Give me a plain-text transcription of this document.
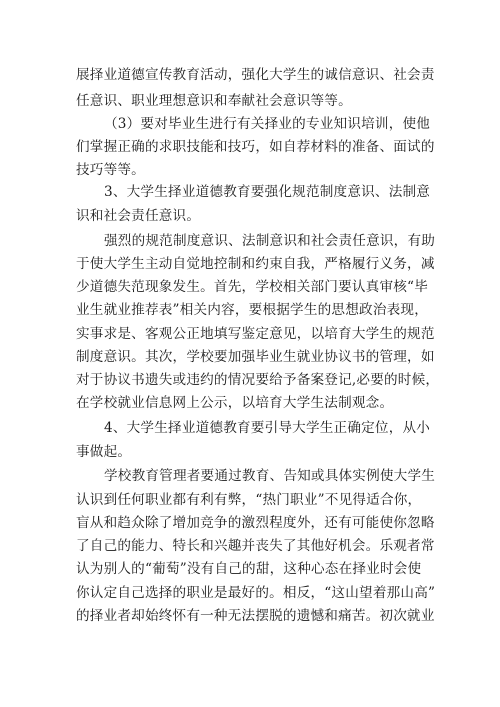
展择业道德宣传教育活动，强化大学生的诚信意识、社会责
任意识、职业理想意识和奉献社会意识等等。
（3）要对毕业生进行有关择业的专业知识培训，使他
们掌握正确的求职技能和技巧，如自荐材料的准备、面试的
技巧等等。
3、大学生择业道德教育要强化规范制度意识、法制意
识和社会责任意识。
强烈的规范制度意识、法制意识和社会责任意识，有助
于使大学生主动自觉地控制和约束自我，严格履行义务，减
少道德失范现象发生。首先，学校相关部门要认真审核“毕
业生就业推荐表”相关内容，要根据学生的思想政治表现，
实事求是、客观公正地填写鉴定意见，以培育大学生的规范
制度意识。其次，学校要加强毕业生就业协议书的管理，如
对于协议书遗失或违约的情况要给予备案登记,必要的时候，
在学校就业信息网上公示，以培育大学生法制观念。
4、大学生择业道德教育要引导大学生正确定位，从小
事做起。
学校教育管理者要通过教育、告知或具体实例使大学生
认识到任何职业都有利有弊，“热门职业”不见得适合你，
盲从和趋众除了增加竞争的激烈程度外，还有可能使你忽略
了自己的能力、特长和兴趣并丧失了其他好机会。乐观者常
认为别人的“葡萄”没有自己的甜，这种心态在择业时会使
你认定自己选择的职业是最好的。相反，“这山望着那山高”
的择业者却始终怀有一种无法摆脱的遗憾和痛苦。初次就业
